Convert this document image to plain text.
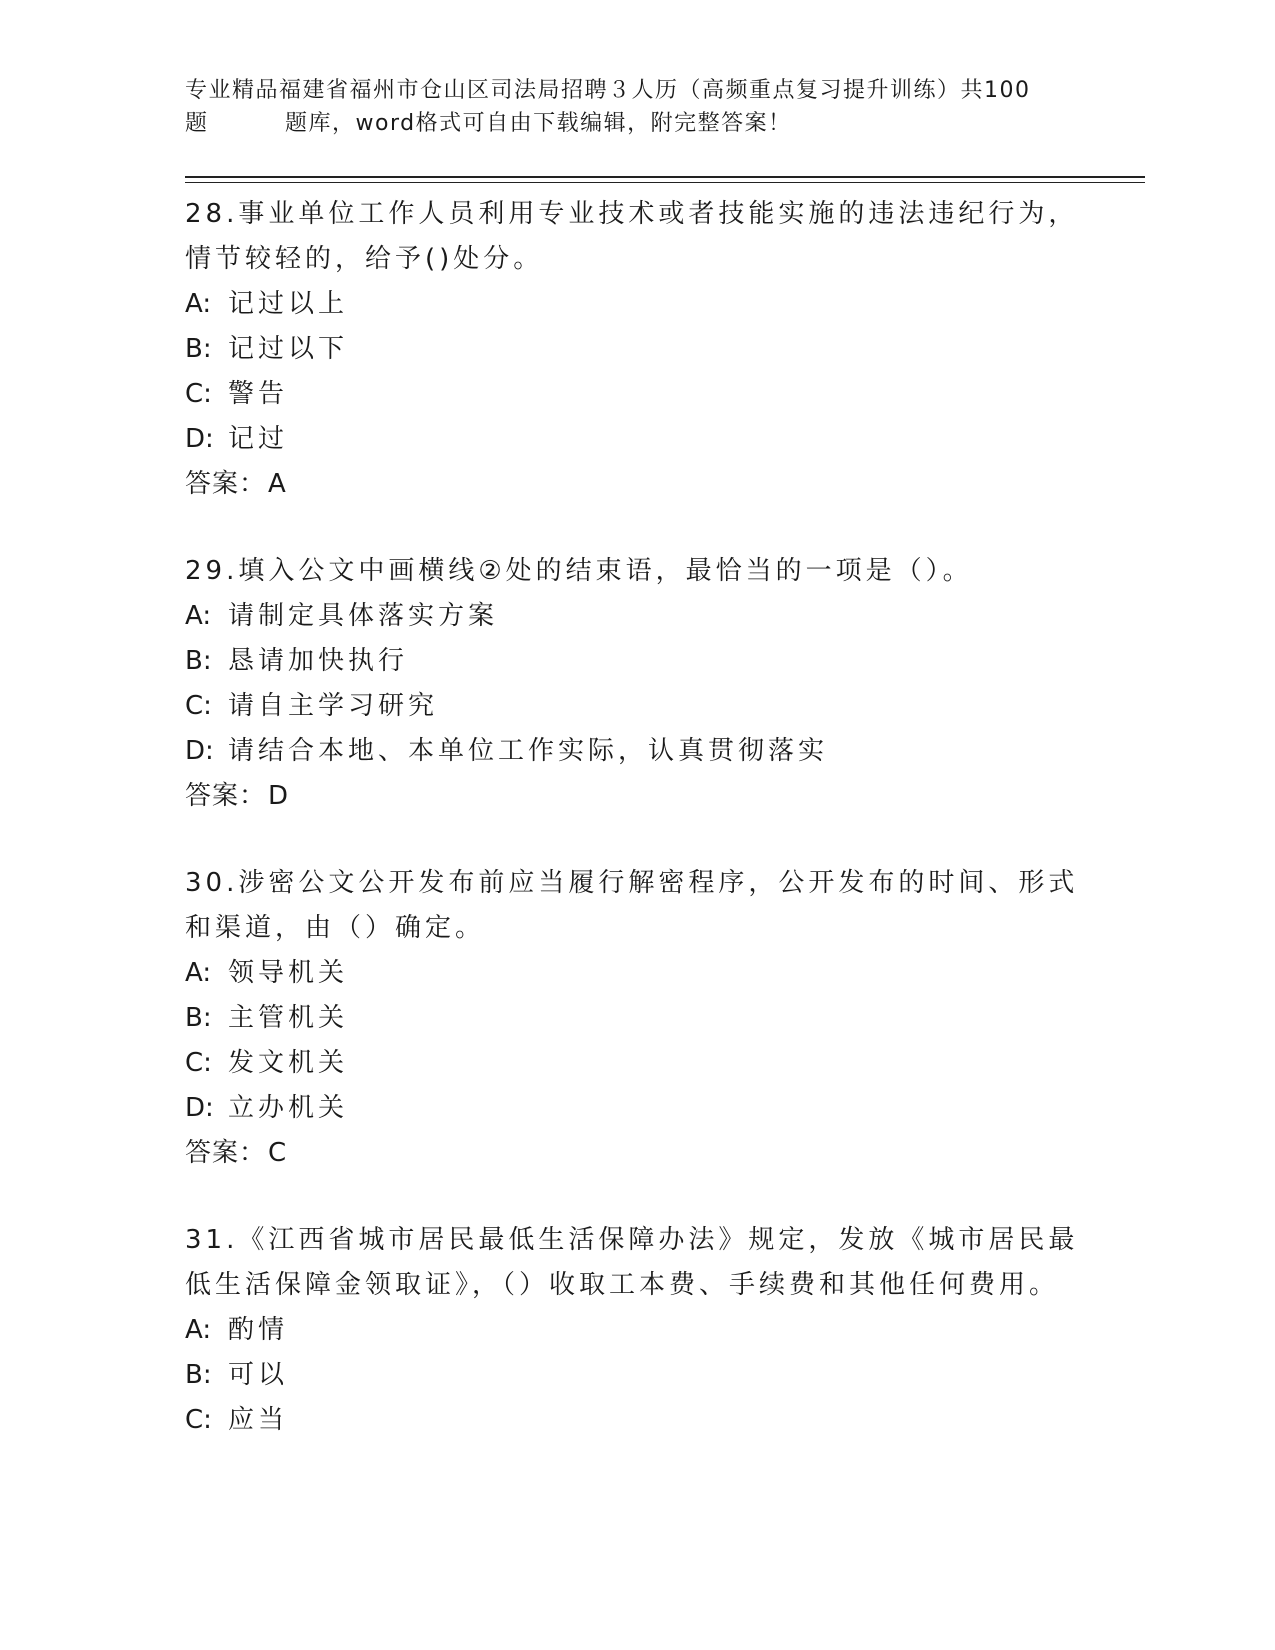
专业精品福建省福州市仓山区司法局招聘３人历（高频重点复习提升训练）共100
题	题库，word格式可自由下载编辑，附完整答案！

28.事业单位工作人员利用专业技术或者技能实施的违法违纪行为，情节较轻的，给予()处分。

A: 记过以上
B: 记过以下
C: 警告
D: 记过
答案：A

29.填入公文中画横线②处的结束语，最恰当的一项是（）。

A: 请制定具体落实方案
B: 恳请加快执行
C: 请自主学习研究
D: 请结合本地、本单位工作实际，认真贯彻落实
答案：D

30.涉密公文公开发布前应当履行解密程序，公开发布的时间、形式和渠道，由（）确定。

A: 领导机关
B: 主管机关
C: 发文机关
D: 立办机关
答案：C

31.《江西省城市居民最低生活保障办法》规定，发放《城市居民最低生活保障金领取证》，（）收取工本费、手续费和其他任何费用。

A: 酌情
B: 可以
C: 应当
